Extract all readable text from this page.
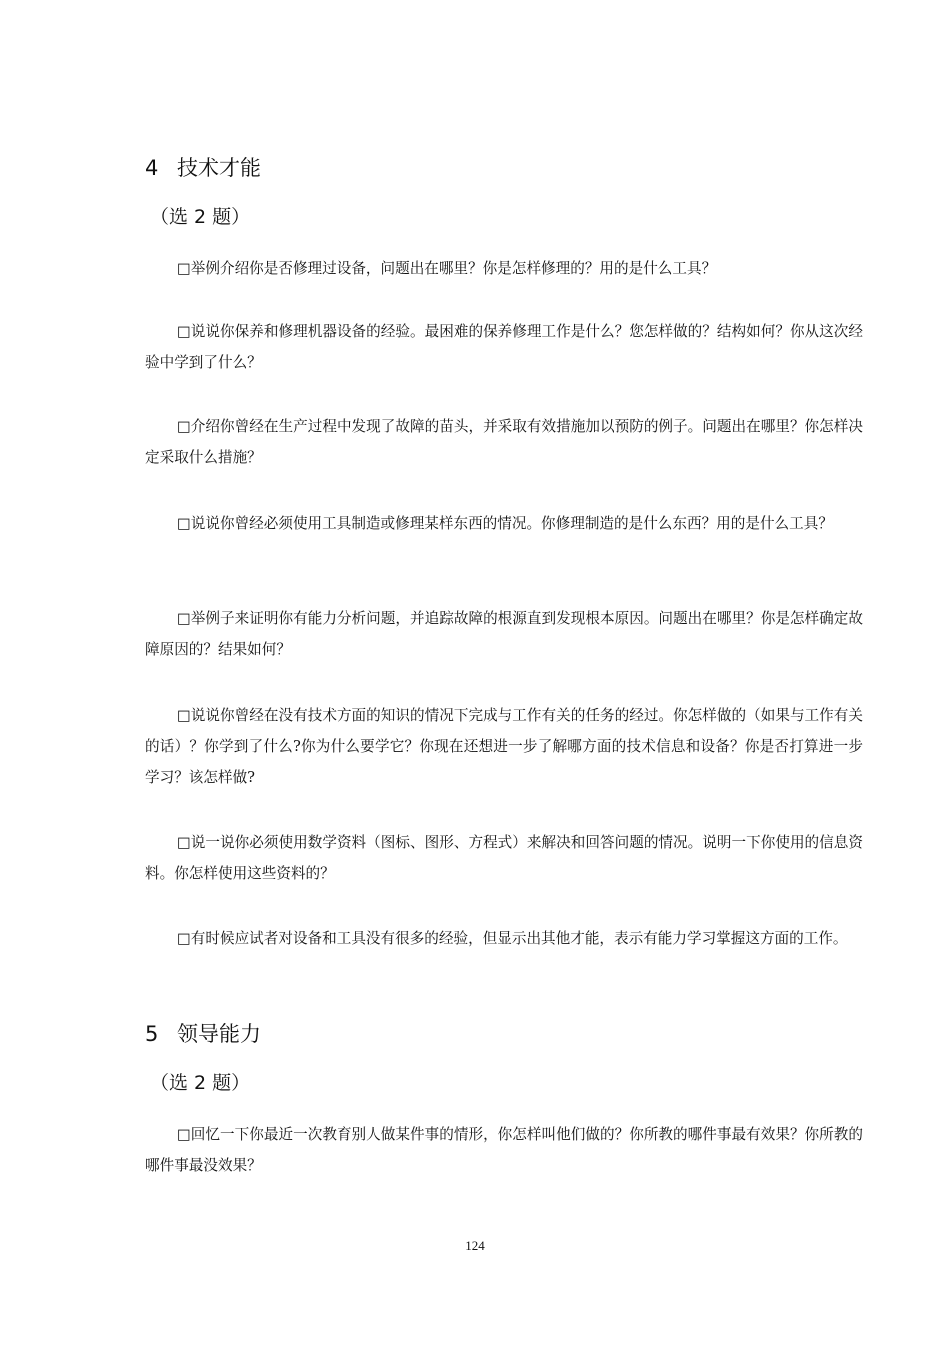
4 技术才能
（选 2 题）

□举例介绍你是否修理过设备，问题出在哪里？你是怎样修理的？用的是什么工具？

□说说你保养和修理机器设备的经验。最困难的保养修理工作是什么？您怎样做的？结构如何？你从这次经验中学到了什么？

□介绍你曾经在生产过程中发现了故障的苗头，并采取有效措施加以预防的例子。问题出在哪里？你怎样决定采取什么措施？

□说说你曾经必须使用工具制造或修理某样东西的情况。你修理制造的是什么东西？用的是什么工具？

□举例子来证明你有能力分析问题，并追踪故障的根源直到发现根本原因。问题出在哪里？你是怎样确定故障原因的？结果如何？

□说说你曾经在没有技术方面的知识的情况下完成与工作有关的任务的经过。你怎样做的（如果与工作有关的话）？你学到了什么?你为什么要学它？你现在还想进一步了解哪方面的技术信息和设备？你是否打算进一步学习？该怎样做?

□说一说你必须使用数学资料（图标、图形、方程式）来解决和回答问题的情况。说明一下你使用的信息资料。你怎样使用这些资料的？

□有时候应试者对设备和工具没有很多的经验，但显示出其他才能，表示有能力学习掌握这方面的工作。

5 领导能力
（选 2 题）

□回忆一下你最近一次教育别人做某件事的情形，你怎样叫他们做的？你所教的哪件事最有效果？你所教的哪件事最没效果？

124
